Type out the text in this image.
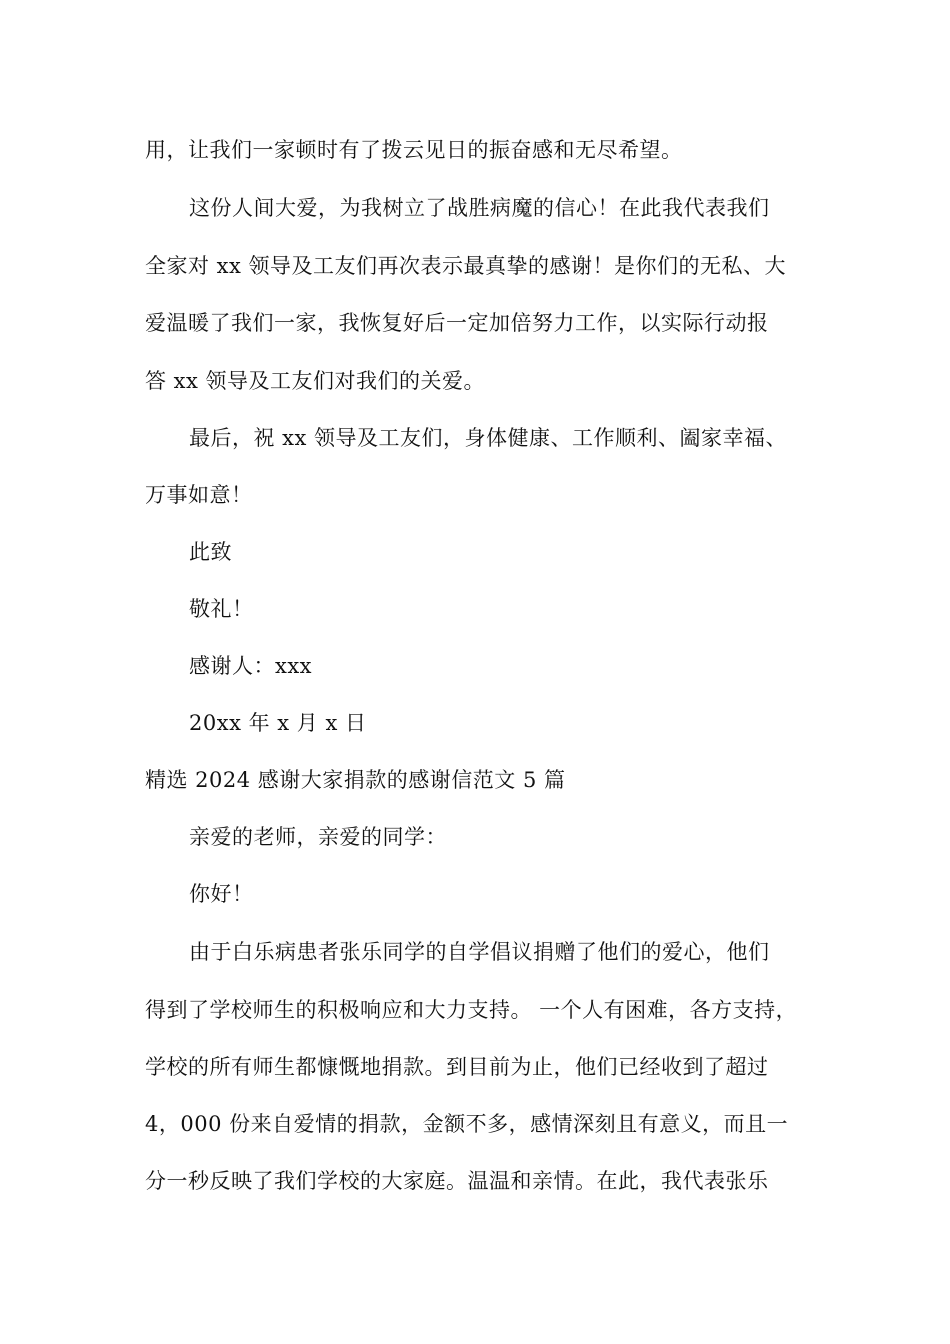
用，让我们一家顿时有了拨云见日的振奋感和无尽希望。
这份人间大爱，为我树立了战胜病魔的信心！在此我代表我们
全家对 xx 领导及工友们再次表示最真挚的感谢！是你们的无私、大
爱温暖了我们一家，我恢复好后一定加倍努力工作，以实际行动报
答 xx 领导及工友们对我们的关爱。
最后，祝 xx 领导及工友们，身体健康、工作顺利、阖家幸福、
万事如意！
此致
敬礼！
感谢人：xxx
20xx 年 x 月 x 日
精选 2024 感谢大家捐款的感谢信范文 5 篇
亲爱的老师，亲爱的同学：
你好！
由于白乐病患者张乐同学的自学倡议捐赠了他们的爱心，他们
得到了学校师生的积极响应和大力支持。 一个人有困难，各方支持，
学校的所有师生都慷慨地捐款。到目前为止，他们已经收到了超过
4，000 份来自爱情的捐款，金额不多，感情深刻且有意义，而且一
分一秒反映了我们学校的大家庭。温温和亲情。在此，我代表张乐
